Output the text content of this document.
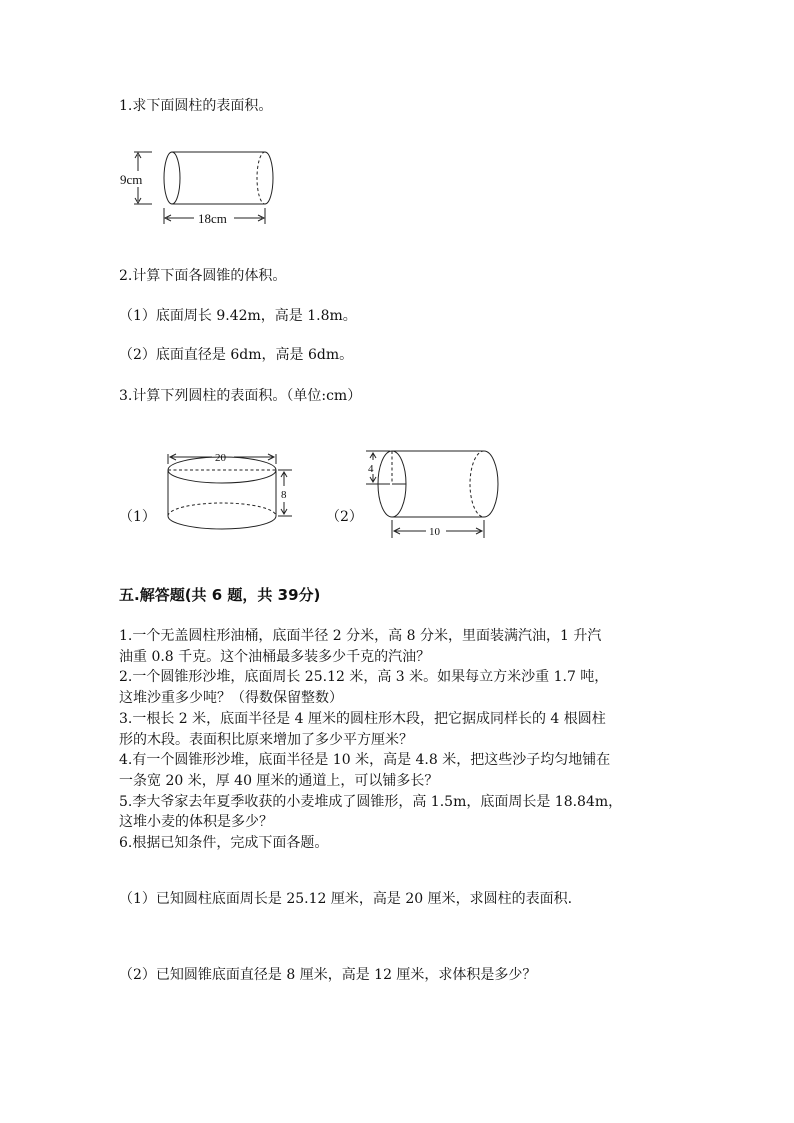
1.求下面圆柱的表面积。
9cm
18cm
2.计算下面各圆锥的体积。
（1）底面周长 9.42m，高是 1.8m。
（2）底面直径是 6dm，高是 6dm。
3.计算下列圆柱的表面积。（单位:cm）
（1）
20
8
（2）
4
10
五.解答题(共 6 题，共 39分)
1.一个无盖圆柱形油桶，底面半径 2 分米，高 8 分米，里面装满汽油，1 升汽
油重 0.8 千克。这个油桶最多装多少千克的汽油？
2.一个圆锥形沙堆，底面周长 25.12 米，高 3 米。如果每立方米沙重 1.7 吨，
这堆沙重多少吨？（得数保留整数）
3.一根长 2 米，底面半径是 4 厘米的圆柱形木段，把它据成同样长的 4 根圆柱
形的木段。表面积比原来增加了多少平方厘米？
4.有一个圆锥形沙堆，底面半径是 10 米，高是 4.8 米，把这些沙子均匀地铺在
一条宽 20 米，厚 40 厘米的通道上，可以铺多长？
5.李大爷家去年夏季收获的小麦堆成了圆锥形，高 1.5m，底面周长是 18.84m，
这堆小麦的体积是多少？
6.根据已知条件，完成下面各题。
（1）已知圆柱底面周长是 25.12 厘米，高是 20 厘米，求圆柱的表面积.
（2）已知圆锥底面直径是 8 厘米，高是 12 厘米，求体积是多少？
